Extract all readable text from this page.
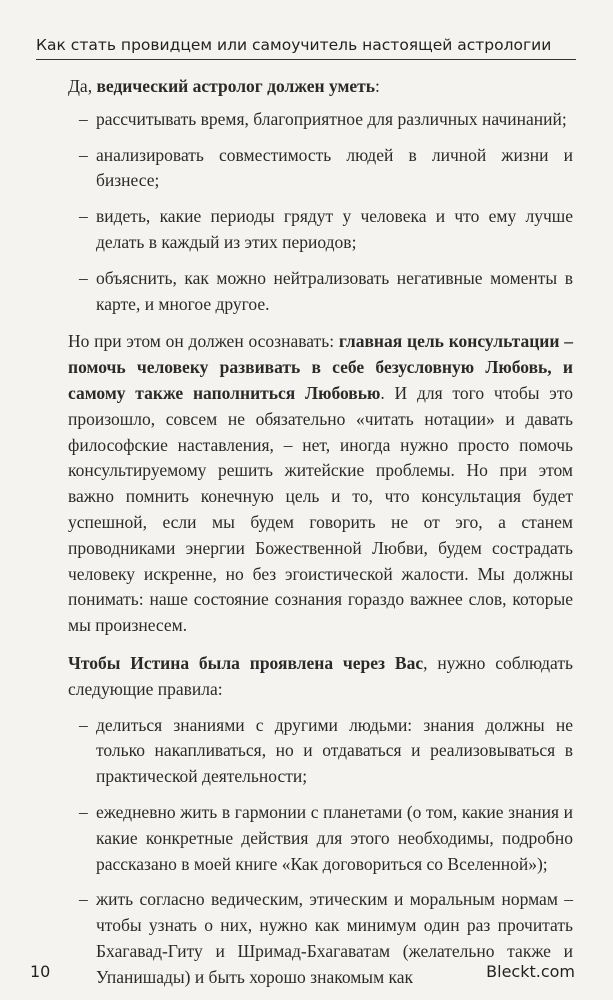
Как стать провидцем или самоучитель настоящей астрологии

Да, ведический астролог должен уметь:

– рассчитывать время, благоприятное для различных начинаний;
– анализировать совместимость людей в личной жизни и бизнесе;
– видеть, какие периоды грядут у человека и что ему лучше делать в каждый из этих периодов;
– объяснить, как можно нейтрализовать негативные моменты в карте, и многое другое.

Но при этом он должен осознавать: главная цель консультации – помочь человеку развивать в себе безусловную Любовь, и самому также наполниться Любовью. И для того чтобы это произошло, совсем не обязательно «читать нотации» и давать философские наставления, – нет, иногда нужно просто помочь консультируемому решить житейские проблемы. Но при этом важно помнить конечную цель и то, что консультация будет успешной, если мы будем говорить не от эго, а станем проводниками энергии Божественной Любви, будем сострадать человеку искренне, но без эгоистической жалости. Мы должны понимать: наше состояние сознания гораздо важнее слов, которые мы произнесем.

Чтобы Истина была проявлена через Вас, нужно соблюдать следующие правила:

– делиться знаниями с другими людьми: знания должны не только накапливаться, но и отдаваться и реализовываться в практической деятельности;
– ежедневно жить в гармонии с планетами (о том, какие знания и какие конкретные действия для этого необходимы, подробно рассказано в моей книге «Как договориться со Вселенной»);
– жить согласно ведическим, этическим и моральным нормам – чтобы узнать о них, нужно как минимум один раз прочитать Бхагавад-Гиту и Шримад-Бхагаватам (желательно также и Упанишады) и быть хорошо знакомым как
10	Bleckt.com
